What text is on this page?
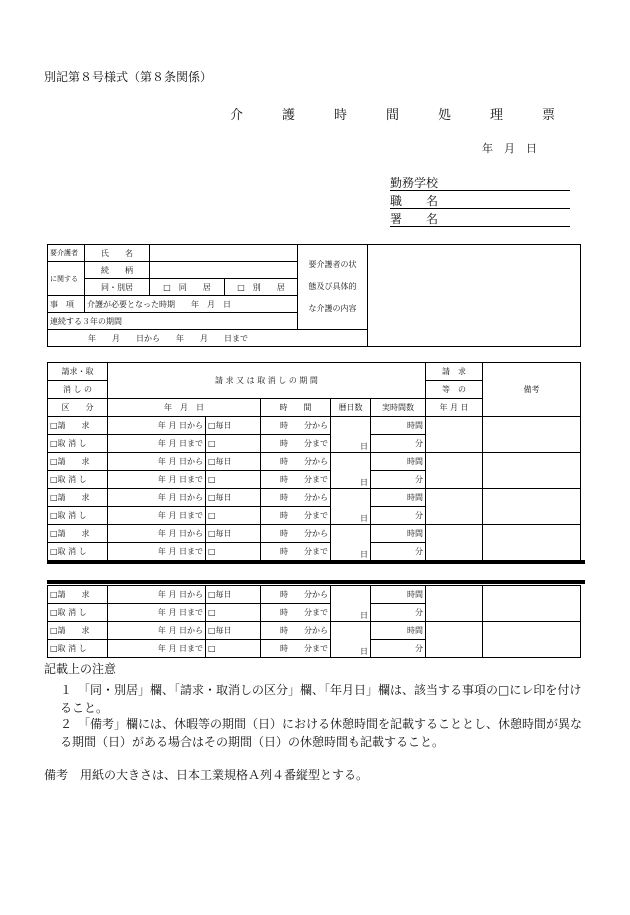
別記第８号様式（第８条関係）
介　護　時　間　処　理　票
年　月　日
勤務学校
職　　名
署　　名
要介護者	氏　　名			要介護者の状
態及び具体的
な介護の内容	

に関する	続　　柄				
	同・別居	□　同　　居	□　別　　居		
事　項	介護が必要となった時期　　年　月　日				
連続する３年の期間					
年　　月　　日から　　年　　月　　日まで					
請求・取	請 求 又 は 取 消 し の 期 間					請　求	備考
消 し の						等　の	
区　　分	年　月　日		時　　間	暦日数	実時間数	年 月 日	
□請　　求	年 月 日から	□毎日	時　　分から	日	時間		
□取 消 し	年 月 日まで	□	時　　分まで		分		
□請　　求	年 月 日から	□毎日	時　　分から	日	時間		
□取 消 し	年 月 日まで	□	時　　分まで		分		
□請　　求	年 月 日から	□毎日	時　　分から	日	時間		
□取 消 し	年 月 日まで	□	時　　分まで		分		
□請　　求	年 月 日から	□毎日	時　　分から	日	時間		
□取 消 し	年 月 日まで	□	時　　分まで		分		
□請　　求	年 月 日から	□毎日	時　　分から	日	時間		
□取 消 し	年 月 日まで	□	時　　分まで		分		
□請　　求	年 月 日から	□毎日	時　　分から	日	時間		
□取 消 し	年 月 日まで	□	時　　分まで		分		
記載上の注意
１　「同・別居」欄、「請求・取消しの区分」欄、「年月日」欄は、該当する事項の□にレ印を付けること。
２　「備考」欄には、休暇等の期間（日）における休憩時間を記載することとし、休憩時間が異なる期間（日）がある場合はその期間（日）の休憩時間も記載すること。
備考　用紙の大きさは、日本工業規格Ａ列４番縦型とする。
